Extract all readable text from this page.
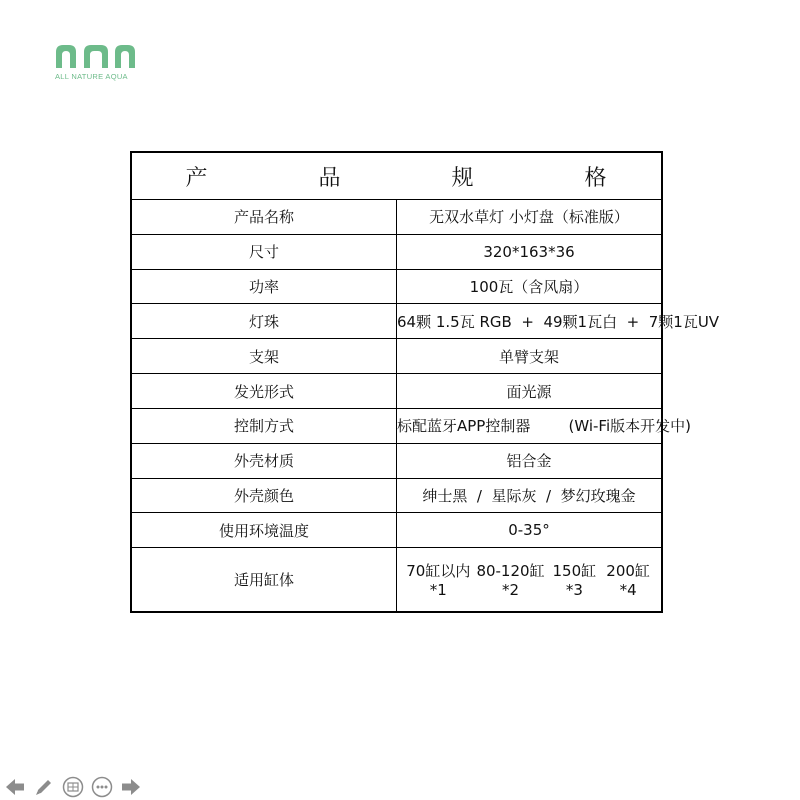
ALL NATURE AQUA
产 品 规 格	
产品名称	无双水草灯 小灯盘（标准版）
尺寸	320*163*36
功率	100瓦（含风扇）
灯珠	64颗 1.5瓦 RGB  +  49颗1瓦白  +  7颗1瓦UV
支架	单臂支架
发光形式	面光源
控制方式	标配蓝牙APP控制器        (Wi-Fi版本开发中)
外壳材质	铝合金
外壳颜色	绅士黑  /  星际灰  /  梦幻玫瑰金
使用环境温度	0-35°
适用缸体	70缸以内 *1
80-120缸 *2
150缸 *3
200缸 *4
